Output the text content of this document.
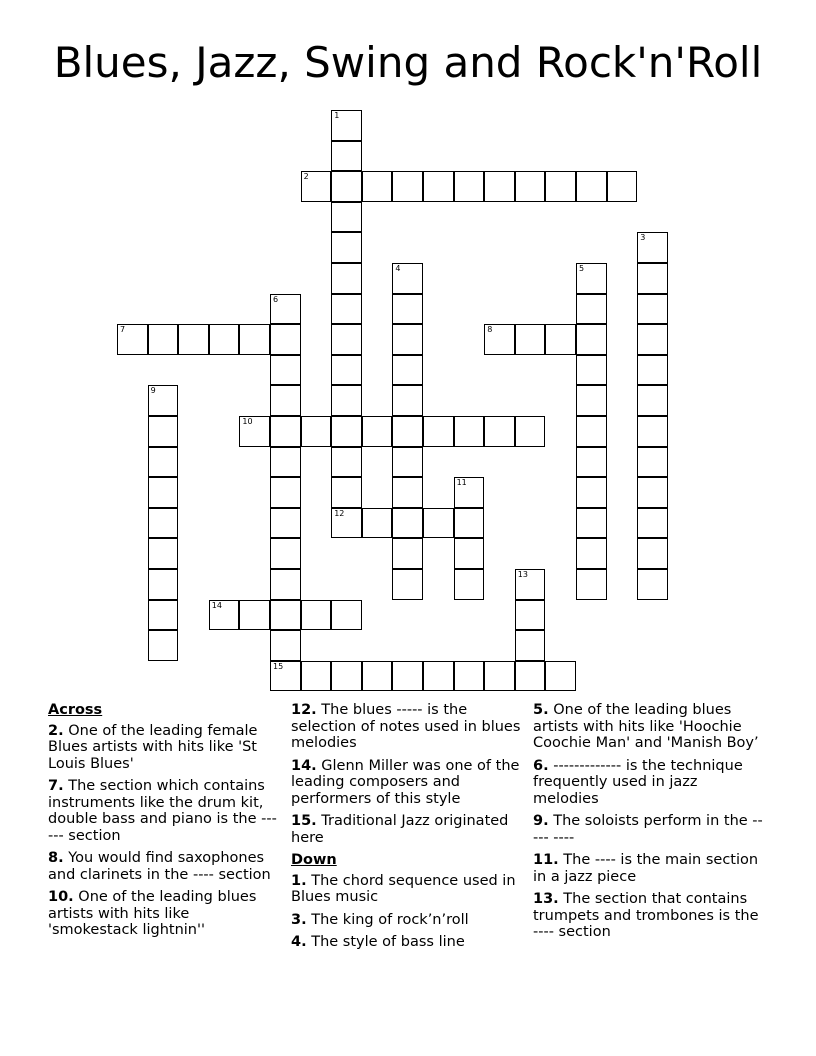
Blues, Jazz, Swing and Rock'n'Roll
1
2
3
4	5
6
15
7	8
9
10
11
12
13
14
Across
2. One of the leading female Blues artists with hits like 'St Louis Blues'
7. The section which contains instruments like the drum kit, double bass and piano is the ------ section
8. You would find saxophones and clarinets in the ---- section
10. One of the leading blues artists with hits like 'smokestack lightnin''
12. The blues ----- is the selection of notes used in blues melodies
14. Glenn Miller was one of the leading composers and performers of this style
15. Traditional Jazz originated here
Down
1. The chord sequence used in Blues music
3. The king of rock’n’roll
4. The style of bass line
5. One of the leading blues artists with hits like 'Hoochie Coochie Man' and 'Manish Boy’
6. ------------- is the technique frequently used in jazz melodies
9. The soloists perform in the ----- ----
11. The ---- is the main section in a jazz piece
13. The section that contains trumpets and trombones is the ---- section
